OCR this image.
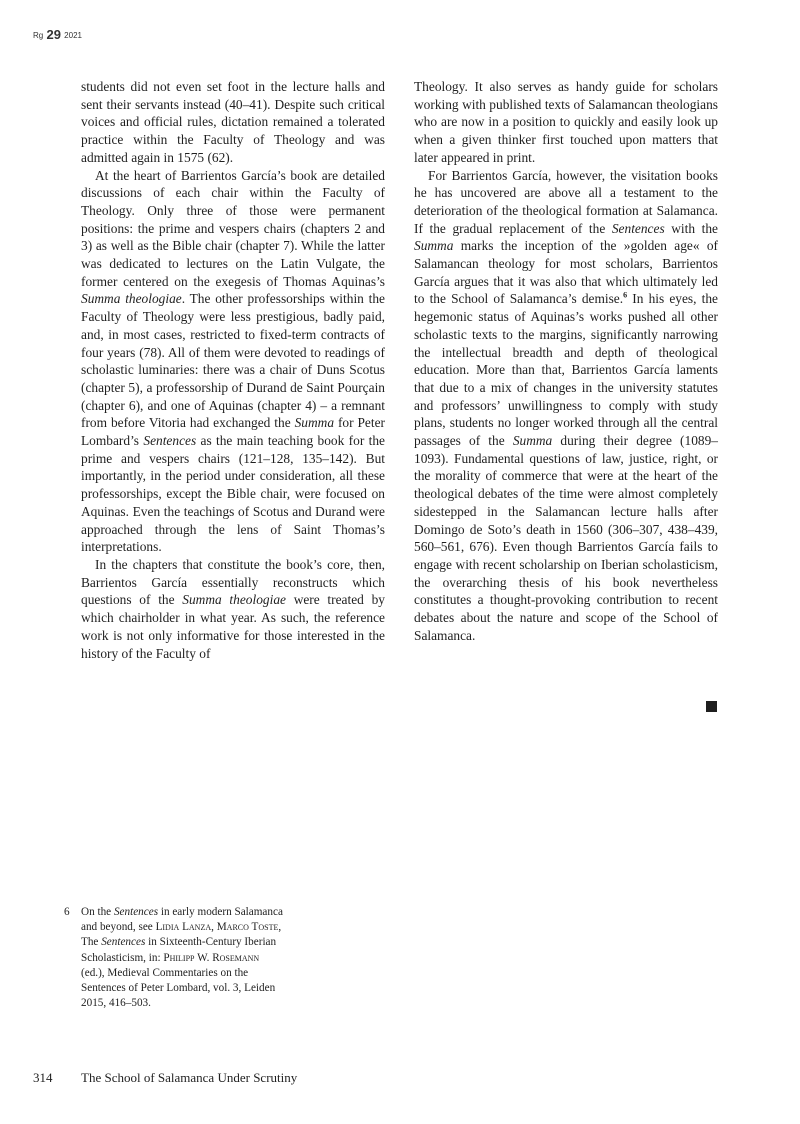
Rg 29 2021

students did not even set foot in the lecture halls and sent their servants instead (40–41). Despite such critical voices and official rules, dictation remained a tolerated practice within the Faculty of Theology and was admitted again in 1575 (62).

At the heart of Barrientos García’s book are detailed discussions of each chair within the Faculty of Theology. Only three of those were permanent positions: the prime and vespers chairs (chapters 2 and 3) as well as the Bible chair (chapter 7). While the latter was dedicated to lectures on the Latin Vulgate, the former centered on the exegesis of Thomas Aquinas’s Summa theologiae. The other professorships within the Faculty of Theology were less prestigious, badly paid, and, in most cases, restricted to fixed-term contracts of four years (78). All of them were devoted to readings of scholastic luminaries: there was a chair of Duns Scotus (chapter 5), a professorship of Durand de Saint Pourçain (chapter 6), and one of Aquinas (chapter 4) – a remnant from before Vitoria had exchanged the Summa for Peter Lombard’s Sentences as the main teaching book for the prime and vespers chairs (121–128, 135–142). But importantly, in the period under consideration, all these professorships, except the Bible chair, were focused on Aquinas. Even the teachings of Scotus and Durand were approached through the lens of Saint Thomas’s interpretations.

In the chapters that constitute the book’s core, then, Barrientos García essentially reconstructs which questions of the Summa theologiae were treated by which chairholder in what year. As such, the reference work is not only informative for those interested in the history of the Faculty of

Theology. It also serves as handy guide for scholars working with published texts of Salamancan theologians who are now in a position to quickly and easily look up when a given thinker first touched upon matters that later appeared in print.

For Barrientos García, however, the visitation books he has uncovered are above all a testament to the deterioration of the theological formation at Salamanca. If the gradual replacement of the Sentences with the Summa marks the inception of the »golden age« of Salamancan theology for most scholars, Barrientos García argues that it was also that which ultimately led to the School of Salamanca’s demise.$^6$ In his eyes, the hegemonic status of Aquinas’s works pushed all other scholastic texts to the margins, significantly narrowing the intellectual breadth and depth of theological education. More than that, Barrientos García laments that due to a mix of changes in the university statutes and professors’ unwillingness to comply with study plans, students no longer worked through all the central passages of the Summa during their degree (1089–1093). Fundamental questions of law, justice, right, or the morality of commerce that were at the heart of the theological debates of the time were almost completely sidestepped in the Salamancan lecture halls after Domingo de Soto’s death in 1560 (306–307, 438–439, 560–561, 676). Even though Barrientos García fails to engage with recent scholarship on Iberian scholasticism, the overarching thesis of his book nevertheless constitutes a thought-provoking contribution to recent debates about the nature and scope of the School of Salamanca.

6 On the Sentences in early modern Salamanca and beyond, see Lidia Lanza, Marco Toste, The Sentences in Sixteenth-Century Iberian Scholasticism, in: Philipp W. Rosemann (ed.), Medieval Commentaries on the Sentences of Peter Lombard, vol. 3, Leiden 2015, 416–503.
314 The School of Salamanca Under Scrutiny
